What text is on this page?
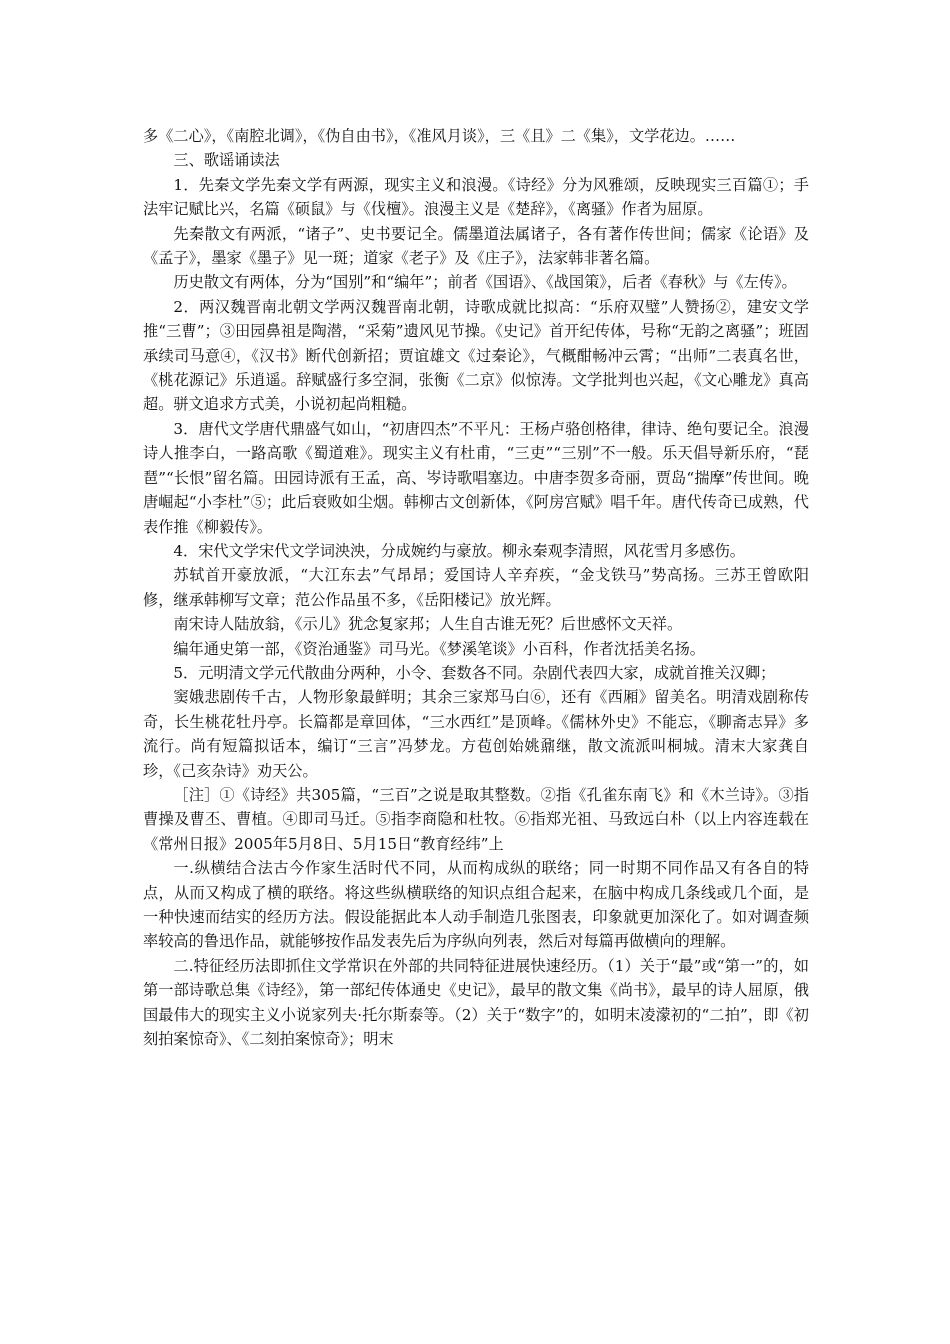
多《二心》，《南腔北调》，《伪自由书》，《准风月谈》，三《且》二《集》，文学花边。……

三、歌谣诵读法

1．先秦文学先秦文学有两源，现实主义和浪漫。《诗经》分为风雅颂，反映现实三百篇①；手法牢记赋比兴，名篇《硕鼠》与《伐檀》。浪漫主义是《楚辞》，《离骚》作者为屈原。

先秦散文有两派，“诸子”、史书要记全。儒墨道法属诸子，各有著作传世间；儒家《论语》及《孟子》，墨家《墨子》见一斑；道家《老子》及《庄子》，法家韩非著名篇。

历史散文有两体，分为“国别”和“编年”；前者《国语》、《战国策》，后者《春秋》与《左传》。

2．两汉魏晋南北朝文学两汉魏晋南北朝，诗歌成就比拟高：“乐府双璧”人赞扬②，建安文学推“三曹”；③田园鼻祖是陶潜，“采菊”遗风见节操。《史记》首开纪传体，号称“无韵之离骚”；班固承续司马意④，《汉书》断代创新招；贾谊雄文《过秦论》，气概酣畅冲云霄；“出师”二表真名世，《桃花源记》乐逍遥。辞赋盛行多空洞，张衡《二京》似惊涛。文学批判也兴起，《文心雕龙》真高超。骈文追求方式美，小说初起尚粗糙。

3．唐代文学唐代鼎盛气如山，“初唐四杰”不平凡：王杨卢骆创格律，律诗、绝句要记全。浪漫诗人推李白，一路高歌《蜀道难》。现实主义有杜甫，“三吏”“三别”不一般。乐天倡导新乐府，“琵琶”“长恨”留名篇。田园诗派有王孟，高、岑诗歌唱塞边。中唐李贺多奇丽，贾岛“揣摩”传世间。晚唐崛起“小李杜”⑤；此后衰败如尘烟。韩柳古文创新体，《阿房宫赋》唱千年。唐代传奇已成熟，代表作推《柳毅传》。

4．宋代文学宋代文学词泱泱，分成婉约与豪放。柳永秦观李清照，风花雪月多感伤。

苏轼首开豪放派，“大江东去”气昂昂；爱国诗人辛弃疾，“金戈铁马”势高扬。三苏王曾欧阳修，继承韩柳写文章；范公作品虽不多，《岳阳楼记》放光辉。

南宋诗人陆放翁，《示儿》犹念复家邦；人生自古谁无死？后世感怀文天祥。

编年通史第一部，《资治通鉴》司马光。《梦溪笔谈》小百科，作者沈括美名扬。

5．元明清文学元代散曲分两种，小令、套数各不同。杂剧代表四大家，成就首推关汉卿；

窦娥悲剧传千古，人物形象最鲜明；其余三家郑马白⑥，还有《西厢》留美名。明清戏剧称传奇，长生桃花牡丹亭。长篇都是章回体，“三水西红”是顶峰。《儒林外史》不能忘，《聊斋志异》多流行。尚有短篇拟话本，编订“三言”冯梦龙。方苞创始姚鼐继，散文流派叫桐城。清末大家龚自珍，《己亥杂诗》劝天公。

［注］①《诗经》共305篇，“三百”之说是取其整数。②指《孔雀东南飞》和《木兰诗》。③指曹操及曹丕、曹植。④即司马迁。⑤指李商隐和杜牧。⑥指郑光祖、马致远白朴（以上内容连载在《常州日报》2005年5月8日、5月15日“教育经纬”上

一.纵横结合法古今作家生活时代不同，从而构成纵的联络；同一时期不同作品又有各自的特点，从而又构成了横的联络。将这些纵横联络的知识点组合起来，在脑中构成几条线或几个面，是一种快速而结实的经历方法。假设能据此本人动手制造几张图表，印象就更加深化了。如对调查频率较高的鲁迅作品，就能够按作品发表先后为序纵向列表，然后对每篇再做横向的理解。

二.特征经历法即抓住文学常识在外部的共同特征进展快速经历。（1）关于“最”或“第一”的，如第一部诗歌总集《诗经》，第一部纪传体通史《史记》，最早的散文集《尚书》，最早的诗人屈原，俄国最伟大的现实主义小说家列夫·托尔斯泰等。（2）关于“数字”的，如明末凌濛初的“二拍”，即《初刻拍案惊奇》、《二刻拍案惊奇》；明末
